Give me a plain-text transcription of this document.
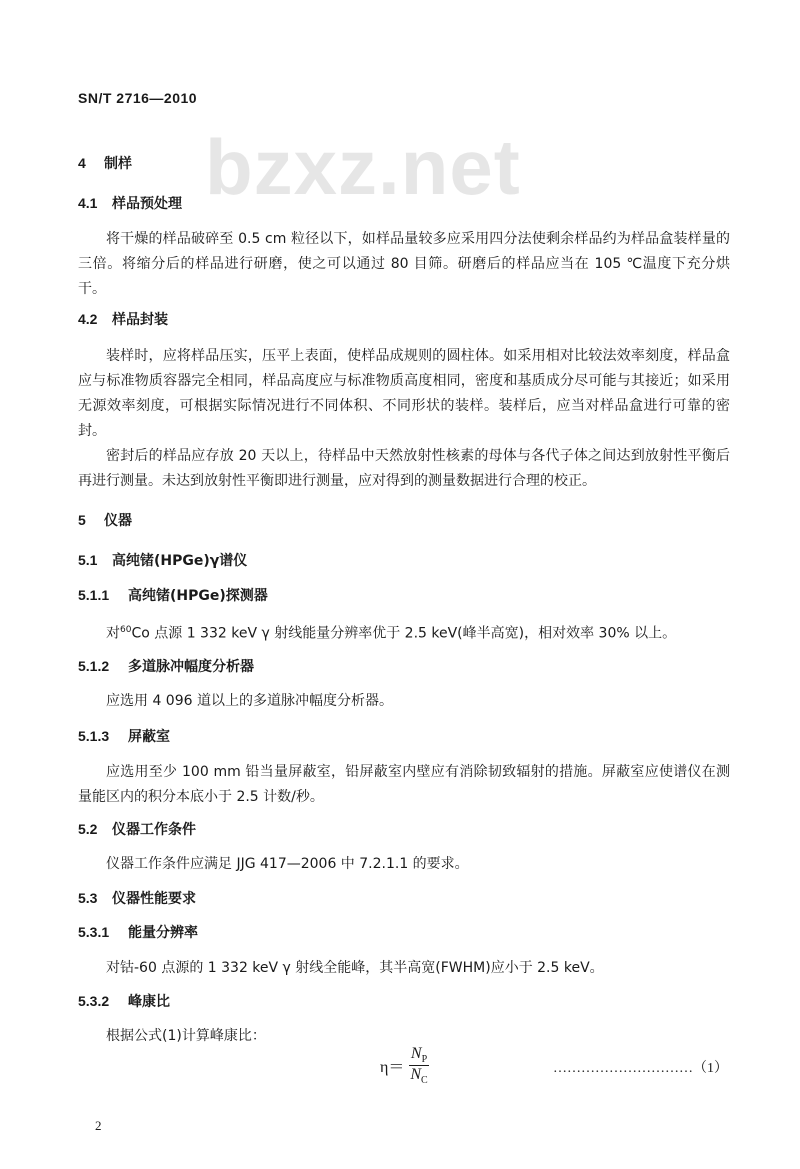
SN/T 2716—2010
bzxz.net
4 制样
4.1 样品预处理

将干燥的样品破碎至 0.5 cm 粒径以下，如样品量较多应采用四分法使剩余样品约为样品盒装样量的三倍。将缩分后的样品进行研磨，使之可以通过 80 目筛。研磨后的样品应当在 105 ℃温度下充分烘干。

4.2 样品封装

装样时，应将样品压实，压平上表面，使样品成规则的圆柱体。如采用相对比较法效率刻度，样品盒应与标准物质容器完全相同，样品高度应与标准物质高度相同，密度和基质成分尽可能与其接近；如采用无源效率刻度，可根据实际情况进行不同体积、不同形状的装样。装样后，应当对样品盒进行可靠的密封。

密封后的样品应存放 20 天以上，待样品中天然放射性核素的母体与各代子体之间达到放射性平衡后再进行测量。未达到放射性平衡即进行测量，应对得到的测量数据进行合理的校正。

5 仪器
5.1 高纯锗(HPGe)γ谱仪
5.1.1 高纯锗(HPGe)探测器

对$^{60}$Co 点源 1 332 keV γ 射线能量分辨率优于 2.5 keV(峰半高宽)，相对效率 30% 以上。

5.1.2 多道脉冲幅度分析器

应选用 4 096 道以上的多道脉冲幅度分析器。

5.1.3 屏蔽室

应选用至少 100 mm 铅当量屏蔽室，铅屏蔽室内壁应有消除韧致辐射的措施。屏蔽室应使谱仪在测量能区内的积分本底小于 2.5 计数/秒。

5.2 仪器工作条件

仪器工作条件应满足 JJG 417—2006 中 7.2.1.1 的要求。

5.3 仪器性能要求
5.3.1 能量分辨率

对钴-60 点源的 1 332 keV γ 射线全能峰，其半高宽(FWHM)应小于 2.5 keV。

5.3.2 峰康比

根据公式(1)计算峰康比：

$\eta= \frac{N_P}{N_C}$	…………………………（1）
2
